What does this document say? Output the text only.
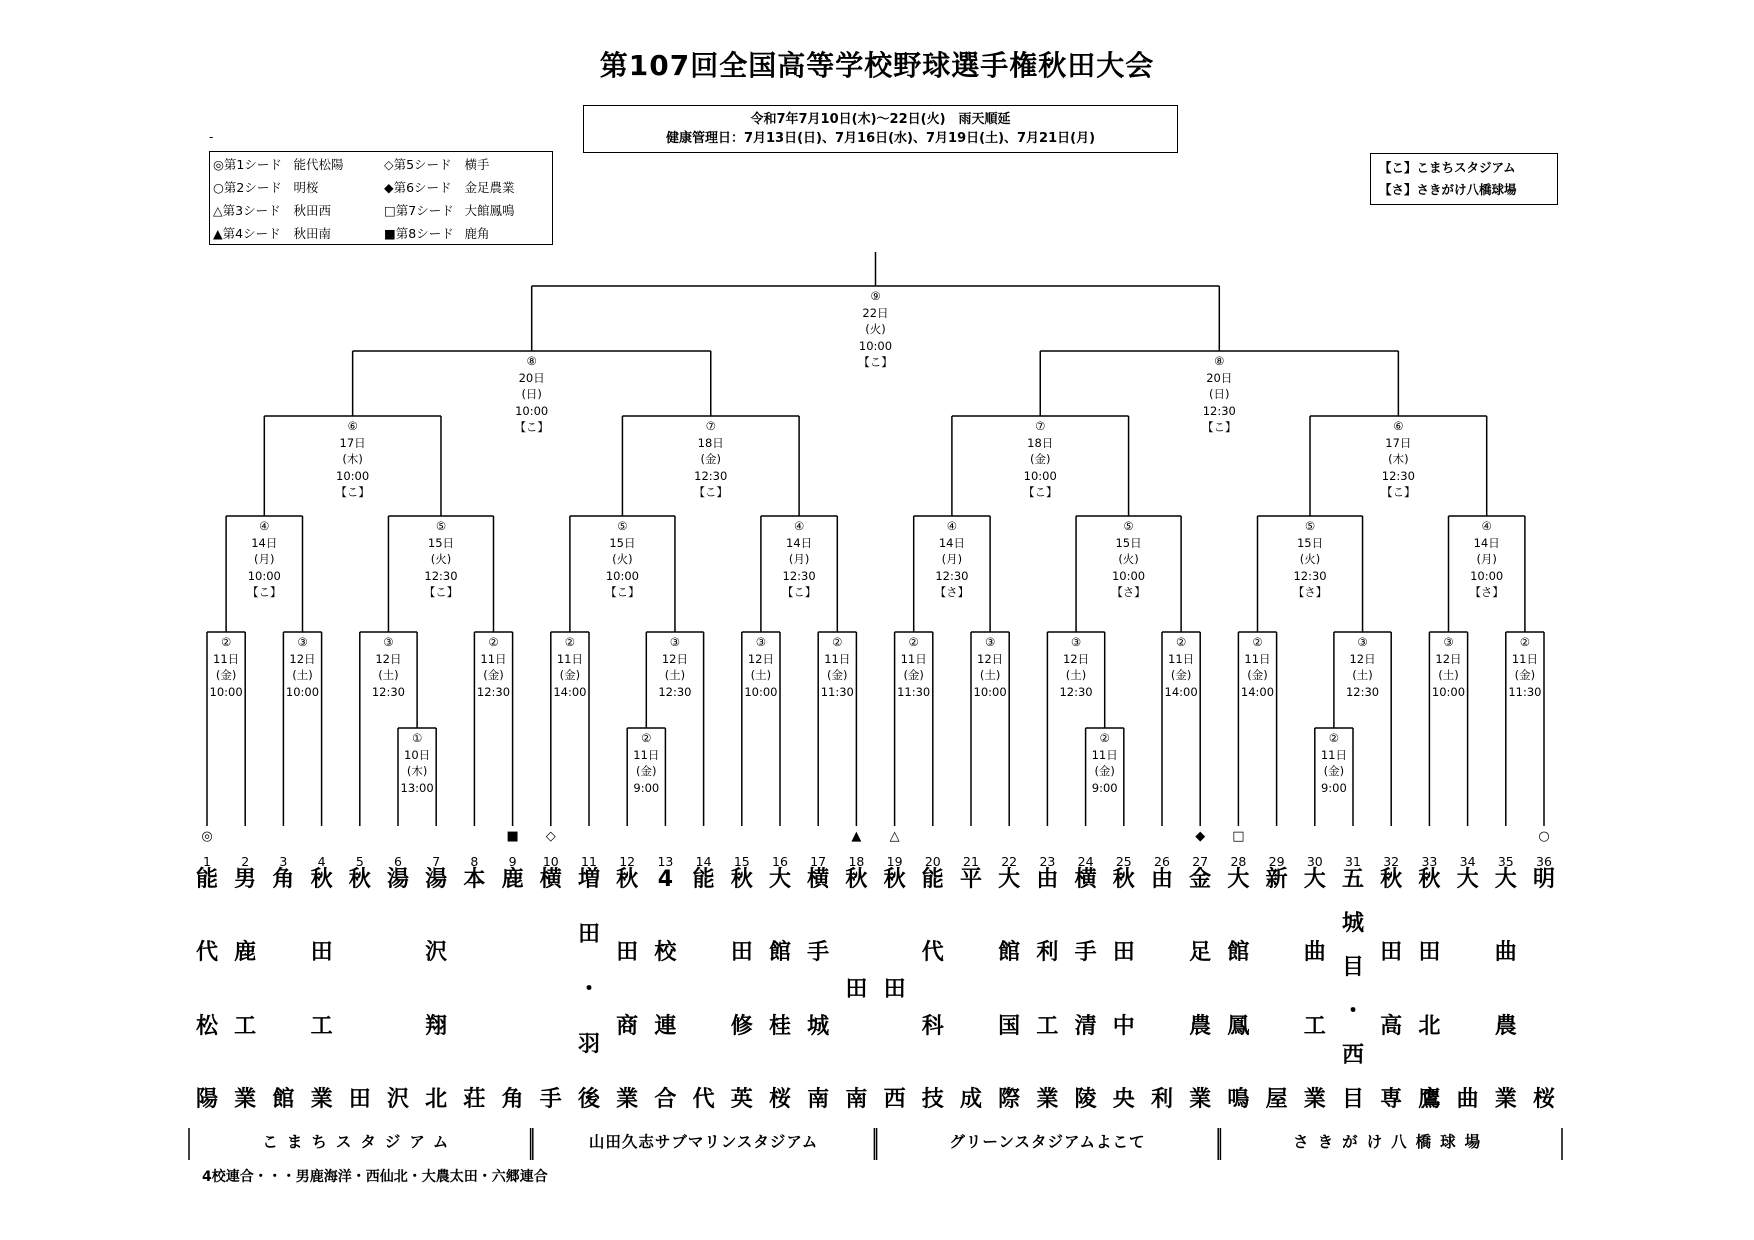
第107回全国高等学校野球選手権秋田大会
令和7年7月10日(木)～22日(火)　雨天順延
健康管理日：7月13日(日)、7月16日(水)、7月19日(土)、7月21日(月)
-
◎第1シード	能代松陽	◇第5シード	横手
○第2シード	明桜	◆第6シード	金足農業
△第3シード	秋田西	□第7シード	大館鳳鳴
▲第4シード	秋田南	■第8シード	鹿角
【こ】こまちスタジアム
【さ】さきがけ八橋球場
②
11日
(金)
10:00
③
12日
(土)
10:00
①
10日
(木)
13:00
③
12日
(土)
12:30
②
11日
(金)
12:30
②
11日
(金)
14:00
②
11日
(金)
9:00
③
12日
(土)
12:30
③
12日
(土)
10:00
②
11日
(金)
11:30
②
11日
(金)
11:30
③
12日
(土)
10:00
②
11日
(金)
9:00
③
12日
(土)
12:30
②
11日
(金)
14:00
②
11日
(金)
14:00
②
11日
(金)
9:00
③
12日
(土)
12:30
③
12日
(土)
10:00
②
11日
(金)
11:30
④
14日
(月)
10:00
【こ】
⑤
15日
(火)
12:30
【こ】
⑤
15日
(火)
10:00
【こ】
④
14日
(月)
12:30
【こ】
④
14日
(月)
12:30
【さ】
⑤
15日
(火)
10:00
【さ】
⑤
15日
(火)
12:30
【さ】
④
14日
(月)
10:00
【さ】
⑥
17日
(木)
10:00
【こ】
⑦
18日
(金)
12:30
【こ】
⑦
18日
(金)
10:00
【こ】
⑥
17日
(木)
12:30
【こ】
⑧
20日
(日)
10:00
【こ】
⑧
20日
(日)
12:30
【こ】
⑨
22日
(火)
10:00
【こ】
◎	■	◇	▲	△	◆	□	○
1
能
代
松
陽
2
男
鹿
工
業
3
角
館
4
秋
田
工
業
5
秋
田
6
湯
沢
7
湯
沢
翔
北
8
本
荘
9
鹿
角
10
横
手
11
増
田
・
羽
後
12
秋
田
商
業
13
4
校
連
合
14
能
代
15
秋
田
修
英
16
大
館
桂
桜
17
横
手
城
南
18
秋
田
南
19
秋
田
西
20
能
代
科
技
21
平
成
22
大
館
国
際
23
由
利
工
業
24
横
手
清
陵
25
秋
田
中
央
26
由
利
27
金
足
農
業
28
大
館
鳳
鳴
29
新
屋
30
大
曲
工
業
31
五
城
目
・
西
目
32
秋
田
高
専
33
秋
田
北
鷹
34
大
曲
35
大
曲
農
業
36
明
桜
こまちスタジアム	山田久志サブマリンスタジアム	グリーンスタジアムよこて	さきがけ八橋球場
4校連合・・・男鹿海洋・西仙北・大農太田・六郷連合
